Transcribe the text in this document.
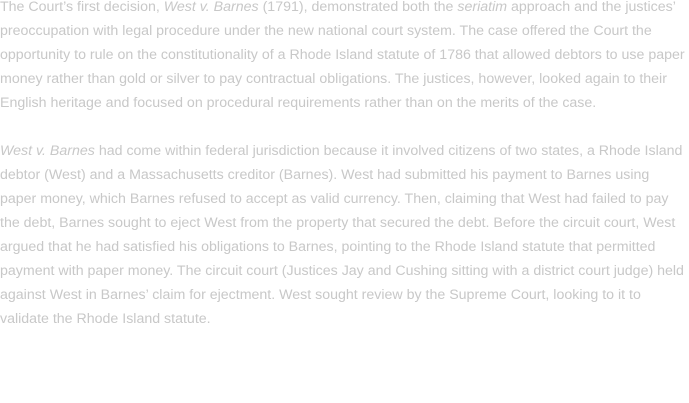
The Court’s first decision, West v. Barnes (1791), demonstrated both the seriatim approach and the justices’ preoccupation with legal procedure under the new national court system. The case offered the Court the opportunity to rule on the constitutionality of a Rhode Island statute of 1786 that allowed debtors to use paper money rather than gold or silver to pay contractual obligations. The justices, however, looked again to their English heritage and focused on procedural requirements rather than on the merits of the case.

West v. Barnes had come within federal jurisdiction because it involved citizens of two states, a Rhode Island debtor (West) and a Massachusetts creditor (Barnes). West had submitted his payment to Barnes using paper money, which Barnes refused to accept as valid currency. Then, claiming that West had failed to pay the debt, Barnes sought to eject West from the property that secured the debt. Before the circuit court, West argued that he had satisfied his obligations to Barnes, pointing to the Rhode Island statute that permitted payment with paper money. The circuit court (Justices Jay and Cushing sitting with a district court judge) held against West in Barnes’ claim for ejectment. West sought review by the Supreme Court, looking to it to validate the Rhode Island statute.
